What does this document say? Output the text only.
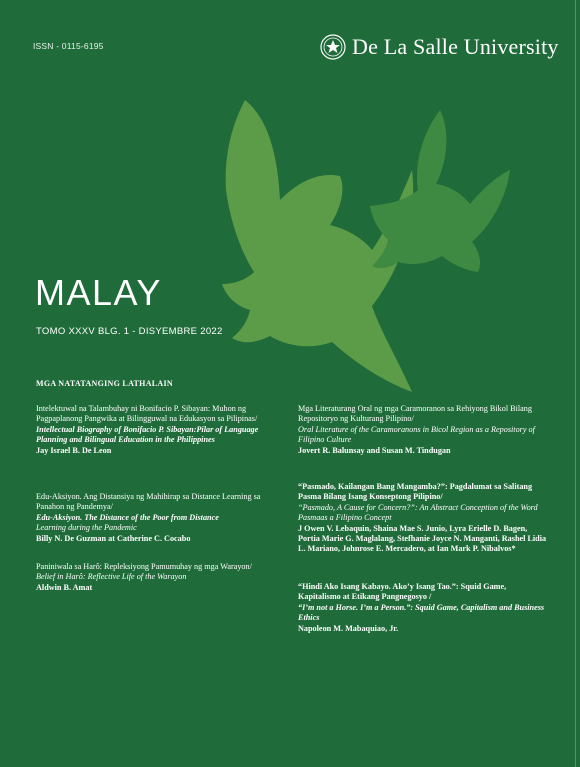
ISSN - 0115-6195	De La Salle University
MALAY
TOMO XXXV BLG. 1 - DISYEMBRE 2022
MGA NATATANGING LATHALAIN
Intelektuwal na Talambuhay ni Bonifacio P. Sibayan: Muhon ng Pagpaplanong Pangwika at Bilingguwal na Edukasyon sa Pilipinas/
Intellectual Biography of Bonifacio P. Sibayan:Pilar of Language Planning and Bilingual Education in the Philippines
Jay Israel B. De Leon
Edu-Aksiyon. Ang Distansiya ng Mahihirap sa Distance Learning sa Panahon ng Pandemya/
Edu-Aksiyon. The Distance of the Poor from Distance
Learning during the Pandemic
Billy N. De Guzman at Catherine C. Cocabo
Paniniwala sa Harô: Repleksiyong Pamumuhay ng mga Warayon/
Belief in Harô: Reflective Life of the Warayon
Aldwin B. Amat
Mga Literaturang Oral ng mga Caramoranon sa Rehiyong Bikol Bilang Repositoryo ng Kulturang Pilipino/
Oral Literature of the Caramoranons in Bicol Region as a Repository of Filipino Culture
Jovert R. Balunsay and Susan M. Tindugan
“Pasmado, Kailangan Bang Mangamba?”: Pagdalumat sa Salitang Pasma Bilang Isang Konseptong Pilipino/
“Pasmado, A Cause for Concern?”: An Abstract Conception of the Word Pasmaas a Filipino Concept
J Owen V. Lebaquin, Shaina Mae S. Junio, Lyra Erielle D. Bagen, Portia Marie G. Maglalang, Stefhanie Joyce N. Manganti, Rashel Lidia L. Mariano, Johnrose E. Mercadero, at Ian Mark P. Nibalvos*
“Hindi Ako Isang Kabayo. Ako’y Isang Tao.”: Squid Game, Kapitalismo at Etikang Pangnegosyo /
“I’m not a Horse. I’m a Person.”: Squid Game, Capitalism and Business Ethics
Napoleon M. Mabaquiao, Jr.
